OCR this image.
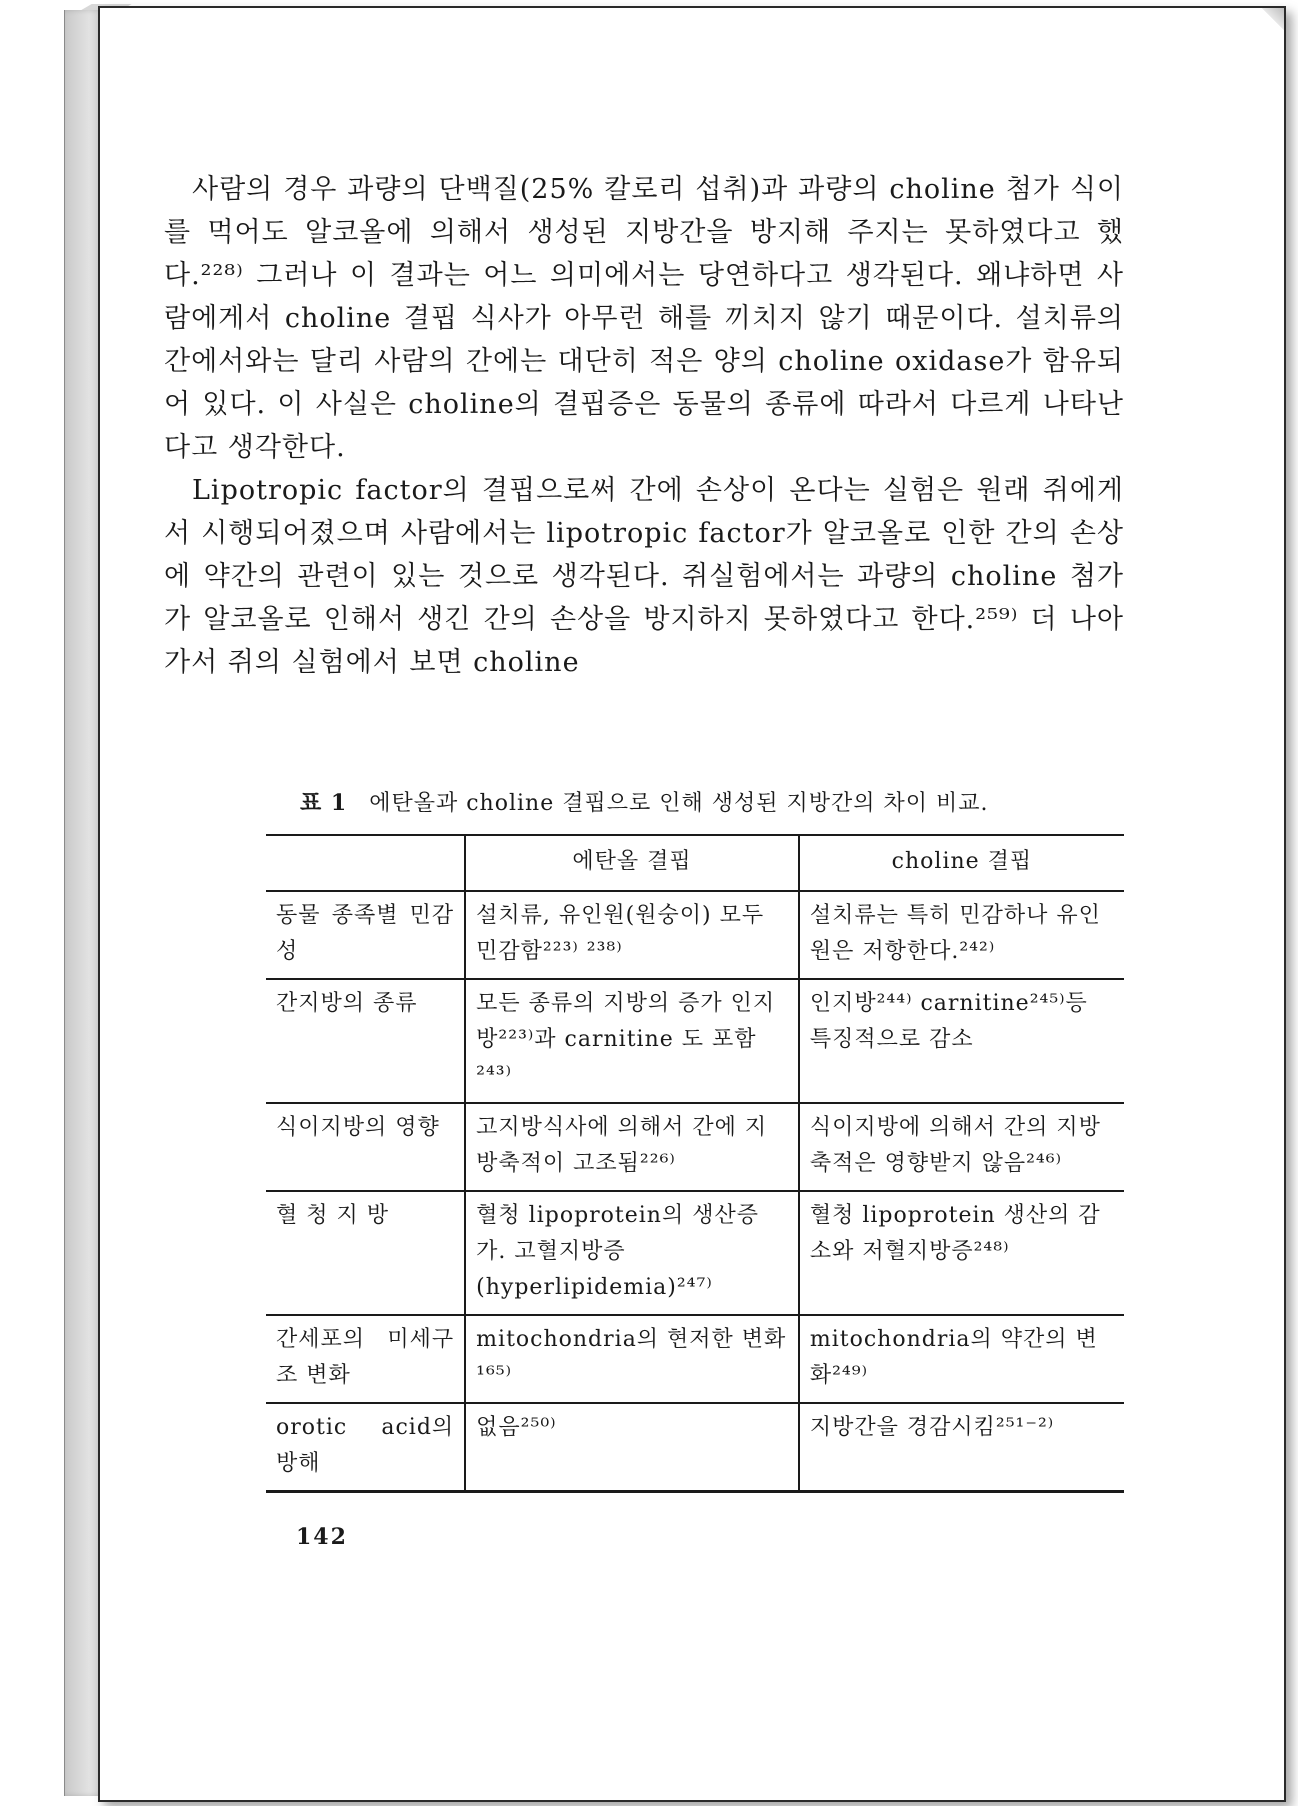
사람의 경우 과량의 단백질(25% 칼로리 섭취)과 과량의 choline 첨가 식이를 먹어도 알코올에 의해서 생성된 지방간을 방지해 주지는 못하였다고 했다.²²⁸⁾ 그러나 이 결과는 어느 의미에서는 당연하다고 생각된다. 왜냐하면 사람에게서 choline 결핍 식사가 아무런 해를 끼치지 않기 때문이다. 설치류의 간에서와는 달리 사람의 간에는 대단히 적은 양의 choline oxidase가 함유되어 있다. 이 사실은 choline의 결핍증은 동물의 종류에 따라서 다르게 나타난다고 생각한다.

Lipotropic factor의 결핍으로써 간에 손상이 온다는 실험은 원래 쥐에게서 시행되어졌으며 사람에서는 lipotropic factor가 알코올로 인한 간의 손상에 약간의 관련이 있는 것으로 생각된다. 쥐실험에서는 과량의 choline 첨가가 알코올로 인해서 생긴 간의 손상을 방지하지 못하였다고 한다.²⁵⁹⁾ 더 나아가서 쥐의 실험에서 보면 choline

표 1 에탄올과 choline 결핍으로 인해 생성된 지방간의 차이 비교.
	에탄올 결핍	choline 결핍
동물 종족별 민감성	설치류, 유인원(원숭이) 모두 민감함²²³⁾ ²³⁸⁾	설치류는 특히 민감하나 유인원은 저항한다.²⁴²⁾
간지방의 종류	모든 종류의 지방의 증가 인지방²²³⁾과 carnitine 도 포함²⁴³⁾	인지방²⁴⁴⁾ carnitine²⁴⁵⁾등 특징적으로 감소
식이지방의 영향	고지방식사에 의해서 간에 지방축적이 고조됨²²⁶⁾	식이지방에 의해서 간의 지방축적은 영향받지 않음²⁴⁶⁾
혈 청 지 방	혈청 lipoprotein의 생산증가. 고혈지방증(hyperlipidemia)²⁴⁷⁾	혈청 lipoprotein 생산의 감소와 저혈지방증²⁴⁸⁾
간세포의 미세구조 변화	mitochondria의 현저한 변화¹⁶⁵⁾	mitochondria의 약간의 변화²⁴⁹⁾
orotic acid의 방해	없음²⁵⁰⁾	지방간을 경감시킴²⁵¹⁻²⁾
142
